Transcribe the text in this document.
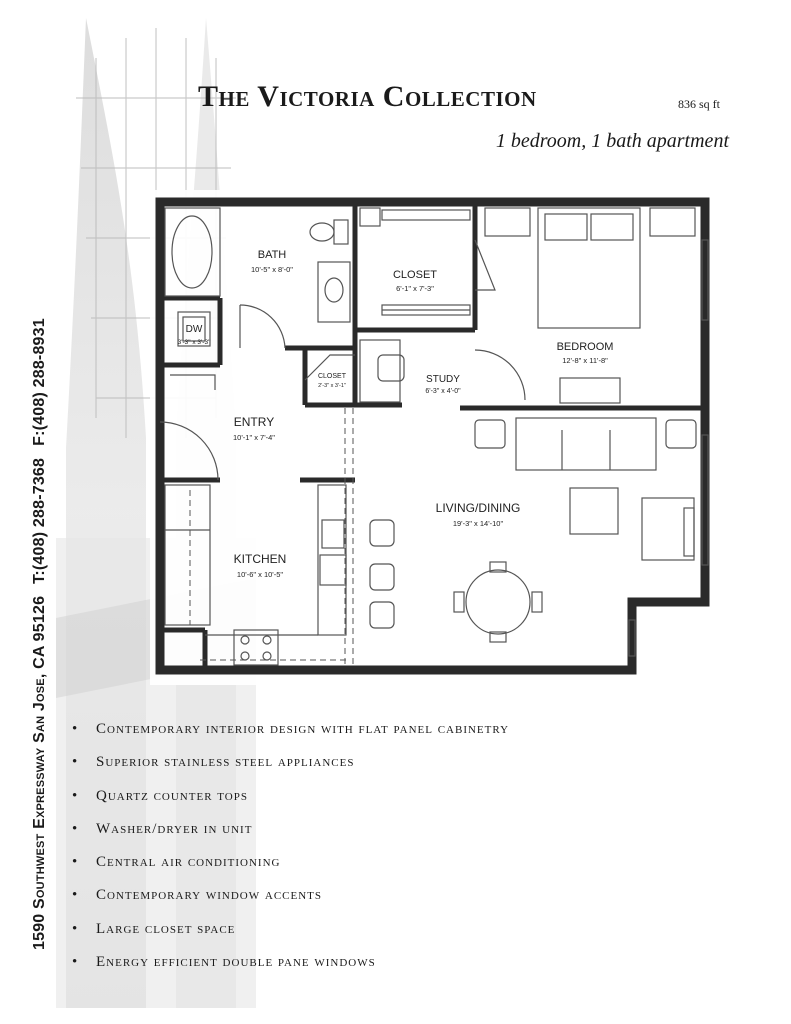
1590 Southwest Expressway San Jose, CA 95126
T:(408) 288-7368
F:(408) 288-8931
The Victoria Collection	836 sq ft
1 bedroom, 1 bath apartment
BATH
CLOSET
BEDROOM
DW
CLOSET	STUDY
ENTRY
LIVING/DINING
KITCHEN
10'-5" x 8'-0"
6'-1" x 7'-3"
12'-8" x 11'-8"
3'-3" x 3'-3"
2'-3" x 3'-1"
6'-3" x 4'-0"
10'-1" x 7'-4"
19'-3" x 14'-10"
10'-6" x 10'-5"
• Contemporary interior design with flat panel cabinetry
• Superior stainless steel appliances
• Quartz counter tops
• Washer/dryer in unit
• Central air conditioning
• Contemporary window accents
• Large closet space
• Energy efficient double pane windows
